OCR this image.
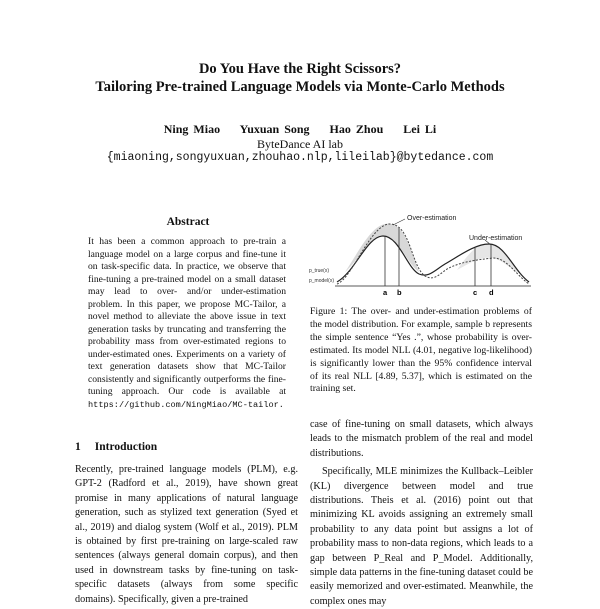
Do You Have the Right Scissors?
Tailoring Pre-trained Language Models via Monte-Carlo Methods
Ning Miao    Yuxuan Song    Hao Zhou    Lei Li
ByteDance AI lab
{miaoning,songyuxuan,zhouhao.nlp,lileilab}@bytedance.com
Abstract
It has been a common approach to pre-train a language model on a large corpus and fine-tune it on task-specific data. In practice, we observe that fine-tuning a pre-trained model on a small dataset may lead to over- and/or under-estimation problem. In this paper, we propose MC-Tailor, a novel method to alleviate the above issue in text generation tasks by truncating and transferring the probability mass from over-estimated regions to under-estimated ones. Experiments on a variety of text generation datasets show that MC-Tailor consistently and significantly outperforms the fine-tuning approach. Our code is available at https://github.com/NingMiao/MC-tailor.
1 Introduction
Recently, pre-trained language models (PLM), e.g. GPT-2 (Radford et al., 2019), have shown great promise in many applications of natural language generation, such as stylized text generation (Syed et al., 2019) and dialog system (Wolf et al., 2019). PLM is obtained by first pre-training on large-scaled raw sentences (always general domain corpus), and then used in downstream tasks by fine-tuning on task-specific datasets (always from some specific domains). Specifically, given a pre-trained
Over-estimation
Under-estimation
p_true(x)
p_model(x)
a b	c d
Figure 1: The over- and under-estimation problems of the model distribution. For example, sample b represents the simple sentence “Yes .”, whose probability is over-estimated. Its model NLL (4.01, negative log-likelihood) is significantly lower than the 95% confidence interval of its real NLL [4.89, 5.37], which is estimated on the training set.

case of fine-tuning on small datasets, which always leads to the mismatch problem of the real and model distributions.

Specifically, MLE minimizes the Kullback–Leibler (KL) divergence between model and true distributions. Theis et al. (2016) point out that minimizing KL avoids assigning an extremely small probability to any data point but assigns a lot of probability mass to non-data regions, which leads to a gap between P_Real and P_Model. Additionally, simple data patterns in the fine-tuning dataset could be easily memorized and over-estimated. Meanwhile, the complex ones may
